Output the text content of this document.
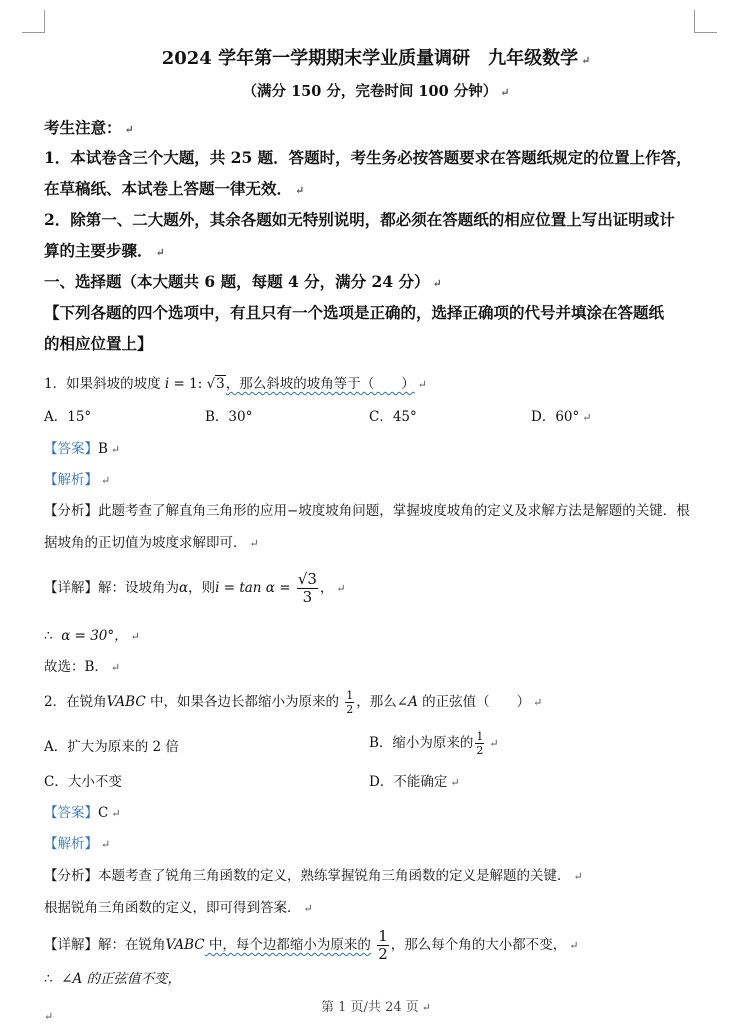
2024 学年第一学期期末学业质量调研　九年级数学 ↵
（满分 150 分，完卷时间 100 分钟） ↵
考生注意： ↵
1．本试卷含三个大题，共 25 题．答题时，考生务必按答题要求在答题纸规定的位置上作答，
在草稿纸、本试卷上答题一律无效． ↵
2．除第一、二大题外，其余各题如无特别说明，都必须在答题纸的相应位置上写出证明或计
算的主要步骤． ↵
一、选择题（本大题共 6 题，每题 4 分，满分 24 分） ↵
【下列各题的四个选项中，有且只有一个选项是正确的，选择正确项的代号并填涂在答题纸
的相应位置上】
1．如果斜坡的坡度 i = 1: √3，那么斜坡的坡角等于（　　） ↵
A．15°	B．30°	C．45°	D．60° ↵
【答案】B ↵
【解析】 ↵
【分析】此题考查了解直角三角形的应用−坡度坡角问题，掌握坡度坡角的定义及求解方法是解题的关键．根
据坡角的正切值为坡度求解即可． ↵
【详解】解：设坡角为α，则$i = \tan \alpha = \frac{√3}{3}$ ， ↵
∴ α = 30°， ↵
故选：B． ↵
2．在锐角VABC 中，如果各边长都缩小为原来的 $\frac{1}{2}$ ，那么∠A 的正弦值（　　） ↵
A．扩大为原来的 2 倍	B．缩小为原来的 $\frac{1}{2}$ ↵
C．大小不变	D．不能确定 ↵
【答案】C ↵
【解析】 ↵
【分析】本题考查了锐角三角函数的定义，熟练掌握锐角三角函数的定义是解题的关键． ↵
根据锐角三角函数的定义，即可得到答案． ↵
【详解】解：在锐角VABC 中，每个边都缩小为原来的 $\frac{1}{2}$ ，那么每个角的大小都不变， ↵
∴ ∠A 的正弦值不变，
第 1 页/共 24 页 ↵
↵
